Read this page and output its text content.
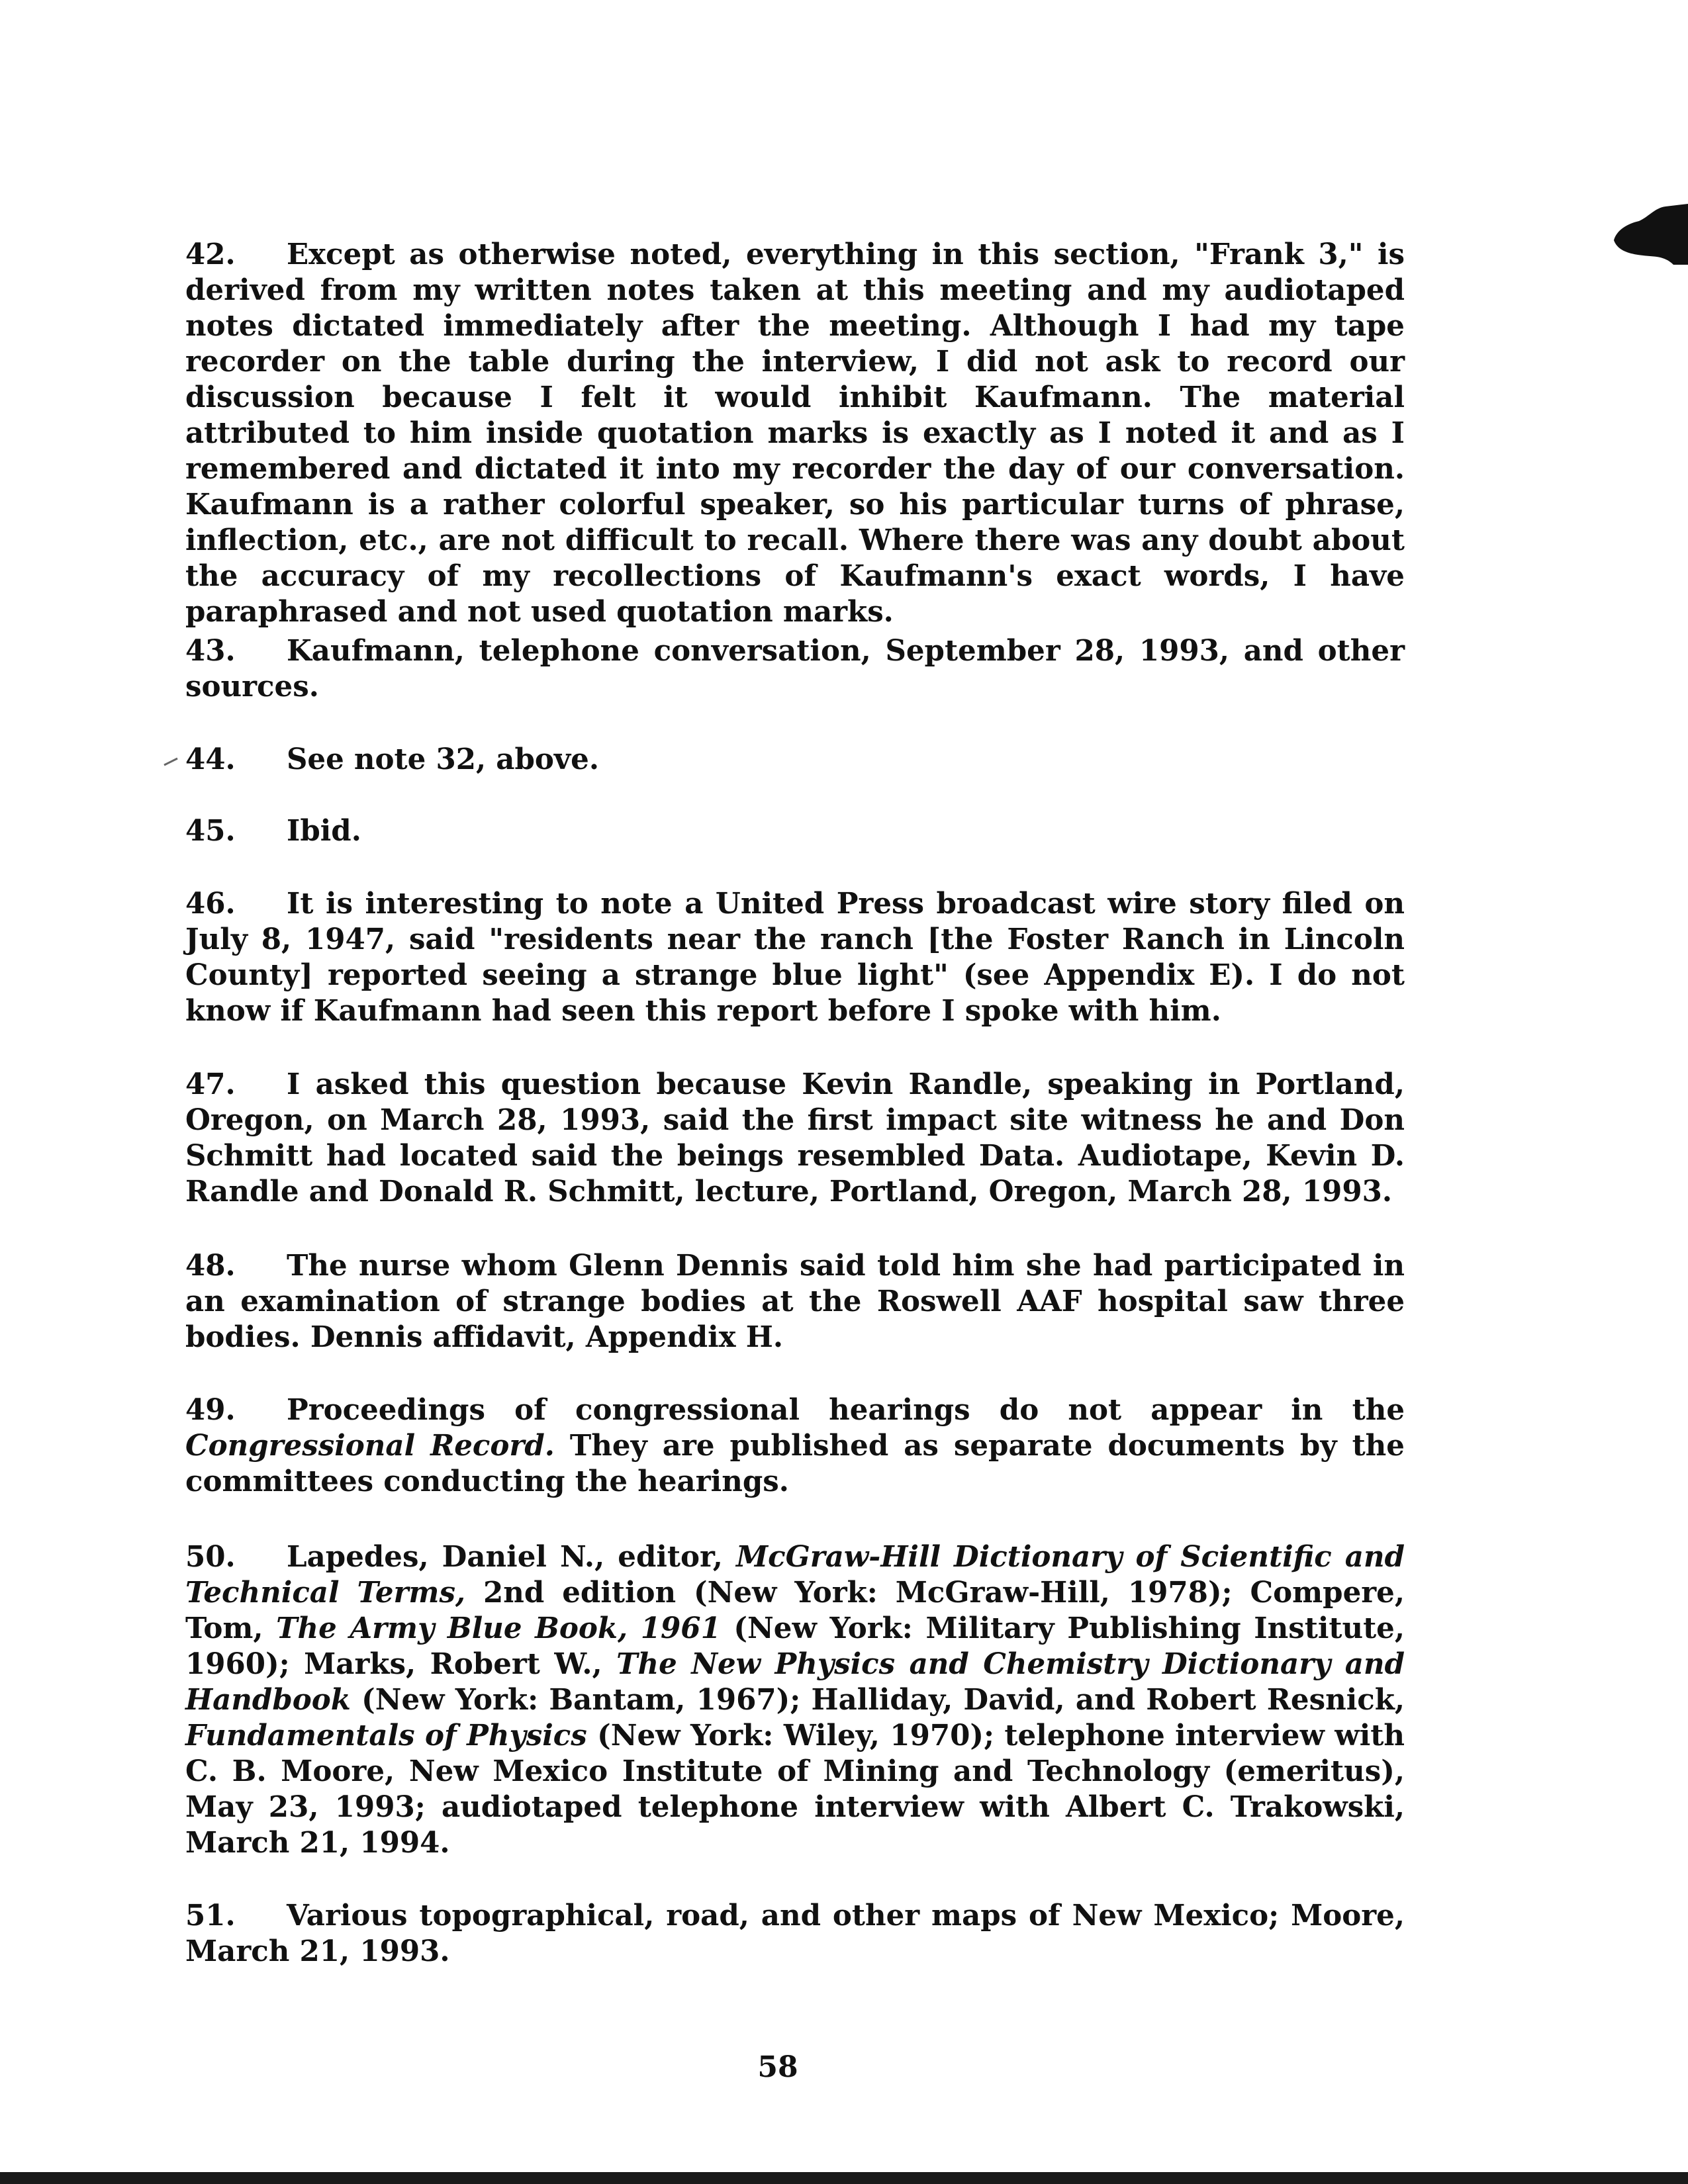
42. Except as otherwise noted, everything in this section, "Frank 3," is derived from my written notes taken at this meeting and my audiotaped notes dictated immediately after the meeting. Although I had my tape recorder on the table during the interview, I did not ask to record our discussion because I felt it would inhibit Kaufmann. The material attributed to him inside quotation marks is exactly as I noted it and as I remembered and dictated it into my recorder the day of our conversation. Kaufmann is a rather colorful speaker, so his particular turns of phrase, inflection, etc., are not difficult to recall. Where there was any doubt about the accuracy of my recollections of Kaufmann's exact words, I have paraphrased and not used quotation marks.
43. Kaufmann, telephone conversation, September 28, 1993, and other sources.
44. See note 32, above.
45. Ibid.
46. It is interesting to note a United Press broadcast wire story filed on July 8, 1947, said "residents near the ranch [the Foster Ranch in Lincoln County] reported seeing a strange blue light" (see Appendix E). I do not know if Kaufmann had seen this report before I spoke with him.
47. I asked this question because Kevin Randle, speaking in Portland, Oregon, on March 28, 1993, said the first impact site witness he and Don Schmitt had located said the beings resembled Data. Audiotape, Kevin D. Randle and Donald R. Schmitt, lecture, Portland, Oregon, March 28, 1993.
48. The nurse whom Glenn Dennis said told him she had participated in an examination of strange bodies at the Roswell AAF hospital saw three bodies. Dennis affidavit, Appendix H.
49. Proceedings of congressional hearings do not appear in the Congressional Record. They are published as separate documents by the committees conducting the hearings.
50. Lapedes, Daniel N., editor, McGraw-Hill Dictionary of Scientific and Technical Terms, 2nd edition (New York: McGraw-Hill, 1978); Compere, Tom, The Army Blue Book, 1961 (New York: Military Publishing Institute, 1960); Marks, Robert W., The New Physics and Chemistry Dictionary and Handbook (New York: Bantam, 1967); Halliday, David, and Robert Resnick, Fundamentals of Physics (New York: Wiley, 1970); telephone interview with C. B. Moore, New Mexico Institute of Mining and Technology (emeritus), May 23, 1993; audiotaped telephone interview with Albert C. Trakowski, March 21, 1994.
51. Various topographical, road, and other maps of New Mexico; Moore, March 21, 1993.
58
